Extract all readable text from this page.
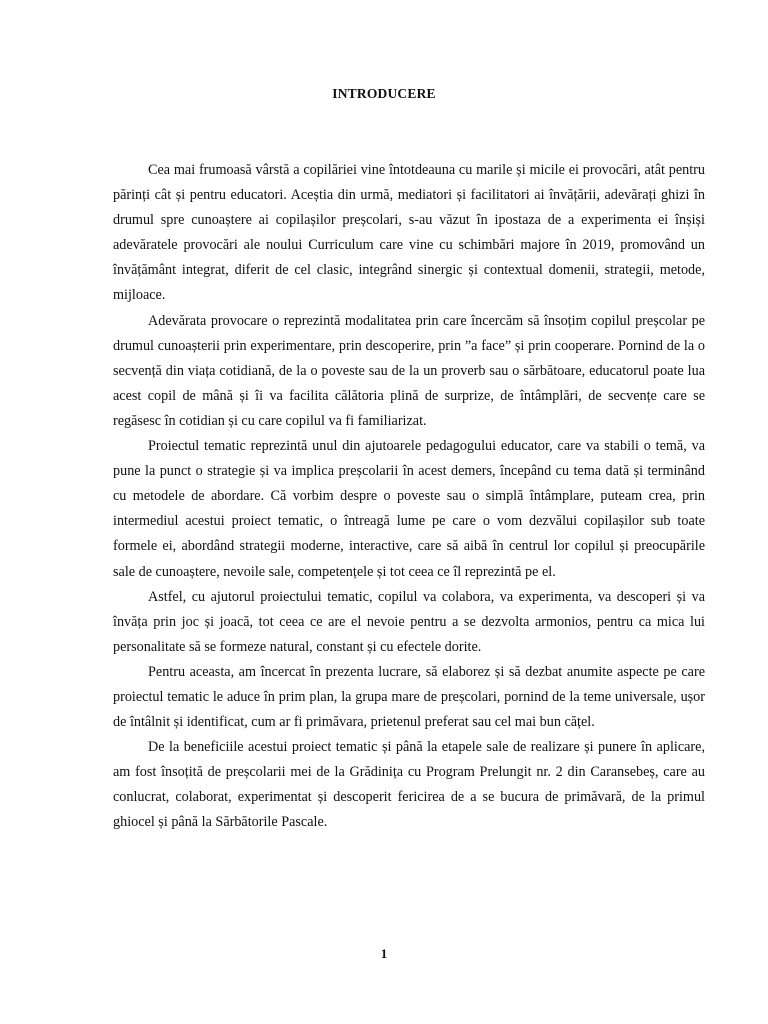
INTRODUCERE

Cea mai frumoasă vârstă a copilăriei vine întotdeauna cu marile și micile ei provocări, atât pentru părinți cât și pentru educatori. Aceștia din urmă, mediatori și facilitatori ai învățării, adevărați ghizi în drumul spre cunoaștere ai copilașilor preșcolari, s-au văzut în ipostaza de a experimenta ei înșiși adevăratele provocări ale noului Curriculum care vine cu schimbări majore în 2019, promovând un învățământ integrat, diferit de cel clasic, integrând sinergic și contextual domenii, strategii, metode, mijloace.

Adevărata provocare o reprezintă modalitatea prin care încercăm să însoțim copilul preșcolar pe drumul cunoașterii prin experimentare, prin descoperire, prin ”a face” și prin cooperare. Pornind de la o secvență din viața cotidiană, de la o poveste sau de la un proverb sau o sărbătoare, educatorul poate lua acest copil de mână și îi va facilita călătoria plină de surprize, de întâmplări, de secvențe care se regăsesc în cotidian și cu care copilul va fi familiarizat.

Proiectul tematic reprezintă unul din ajutoarele pedagogului educator, care va stabili o temă, va pune la punct o strategie și va implica preșcolarii în acest demers, începând cu tema dată și terminând cu metodele de abordare. Că vorbim despre o poveste sau o simplă întâmplare, puteam crea, prin intermediul acestui proiect tematic, o întreagă lume pe care o vom dezvălui copilașilor sub toate formele ei, abordând strategii moderne, interactive, care să aibă în centrul lor copilul și preocupările sale de cunoaștere, nevoile sale, competențele și tot ceea ce îl reprezintă pe el.

Astfel, cu ajutorul proiectului tematic, copilul va colabora, va experimenta, va descoperi și va învăța prin joc și joacă, tot ceea ce are el nevoie pentru a se dezvolta armonios, pentru ca mica lui personalitate să se formeze natural, constant și cu efectele dorite.

Pentru aceasta, am încercat în prezenta lucrare, să elaborez și să dezbat anumite aspecte pe care proiectul tematic le aduce în prim plan, la grupa mare de preșcolari, pornind de la teme universale, ușor de întâlnit și identificat, cum ar fi primăvara, prietenul preferat sau cel mai bun cățel.

De la beneficiile acestui proiect tematic și până la etapele sale de realizare și punere în aplicare, am fost însoțită de preșcolarii mei de la Grădinița cu Program Prelungit nr. 2 din Caransebeș, care au conlucrat, colaborat, experimentat și descoperit fericirea de a se bucura de primăvară, de la primul ghiocel și până la Sărbătorile Pascale.

1
